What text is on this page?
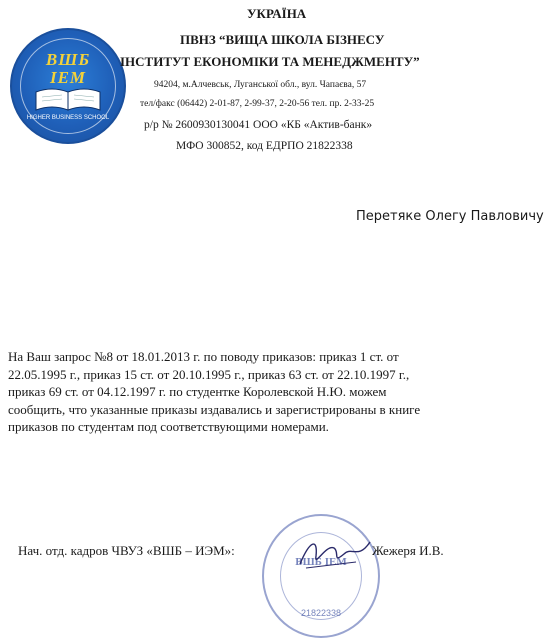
ВШБ
ІЕМ
HIGHER BUSINESS SCHOOL
УКРАЇНА
ПВНЗ “ВИЩА ШКОЛА БІЗНЕСУ
ІНСТИТУТ ЕКОНОМІКИ ТА МЕНЕДЖМЕНТУ”
94204, м.Алчевськ, Луганської обл., вул. Чапаєва, 57
тел/факс (06442) 2-01-87, 2-99-37, 2-20-56 тел. пр. 2-33-25
р/р № 2600930130041 ООО «КБ «Актив-банк»
МФО 300852, код ЕДРПО 21822338
Перетяке Олегу Павловичу
На Ваш запрос №8 от 18.01.2013 г. по поводу приказов: приказ 1 ст. от
22.05.1995 г., приказ 15 ст. от 20.10.1995 г., приказ 63 ст. от 22.10.1997 г.,
приказ 69 ст. от 04.12.1997 г. по студентке Королевской Н.Ю. можем
сообщить, что указанные приказы издавались и зарегистрированы в книге
приказов по студентам под соответствующими номерами.
ВШБ ІЕМ
21822338
Нач. отд. кадров ЧВУЗ «ВШБ – ИЭМ»:	Жежеря И.В.
